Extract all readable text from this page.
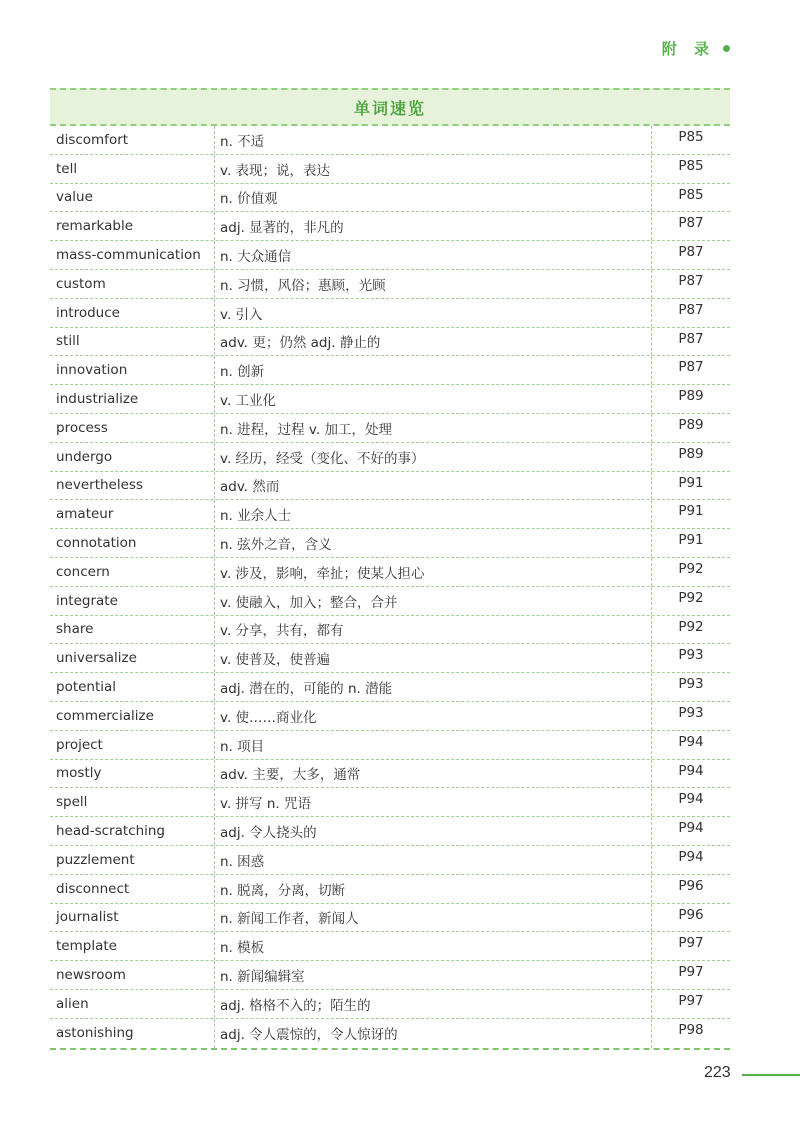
附 录
单词速览
discomfort	n. 不适	P85
tell	v. 表现；说，表达	P85
value	n. 价值观	P85
remarkable	adj. 显著的，非凡的	P87
mass-communication	n. 大众通信	P87
custom	n. 习惯，风俗；惠顾，光顾	P87
introduce	v. 引入	P87
still	adv. 更；仍然 adj. 静止的	P87
innovation	n. 创新	P87
industrialize	v. 工业化	P89
process	n. 进程，过程 v. 加工，处理	P89
undergo	v. 经历，经受（变化、不好的事）	P89
nevertheless	adv. 然而	P91
amateur	n. 业余人士	P91
connotation	n. 弦外之音，含义	P91
concern	v. 涉及，影响，牵扯；使某人担心	P92
integrate	v. 使融入，加入；整合，合并	P92
share	v. 分享，共有，都有	P92
universalize	v. 使普及，使普遍	P93
potential	adj. 潜在的，可能的 n. 潜能	P93
commercialize	v. 使……商业化	P93
project	n. 项目	P94
mostly	adv. 主要，大多，通常	P94
spell	v. 拼写 n. 咒语	P94
head-scratching	adj. 令人挠头的	P94
puzzlement	n. 困惑	P94
disconnect	n. 脱离，分离，切断	P96
journalist	n. 新闻工作者，新闻人	P96
template	n. 模板	P97
newsroom	n. 新闻编辑室	P97
alien	adj. 格格不入的；陌生的	P97
astonishing	adj. 令人震惊的，令人惊讶的	P98
223
